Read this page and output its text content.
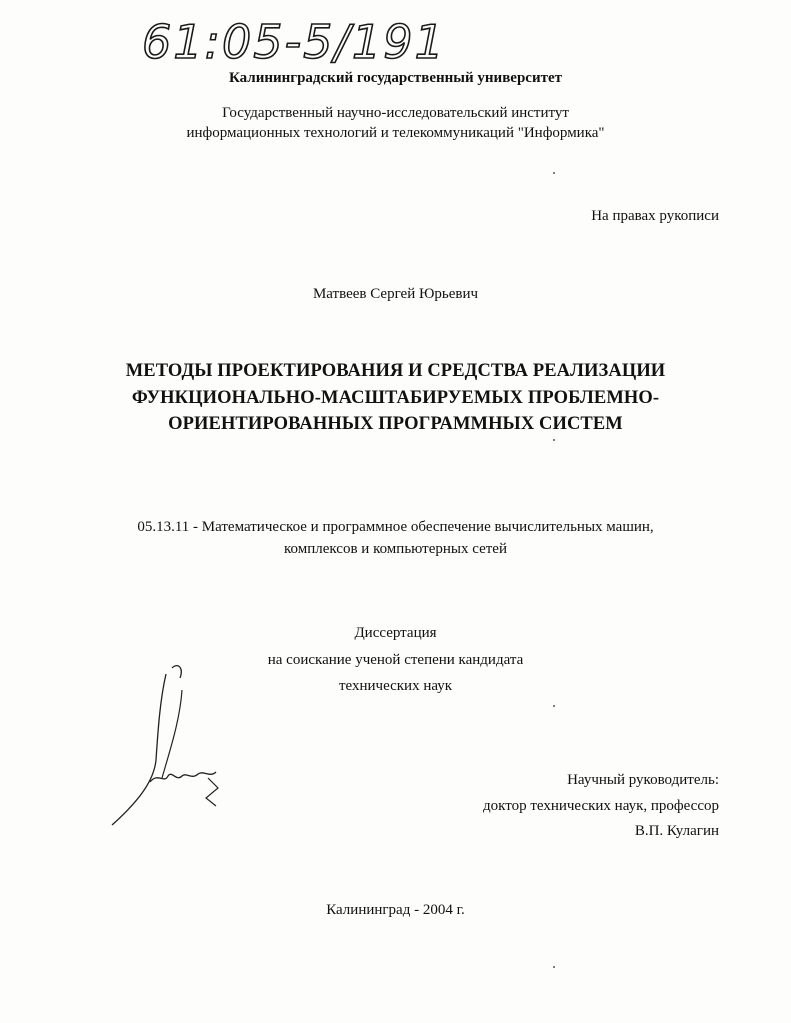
61:05-5/191
Калининградский государственный университет
Государственный научно-исследовательский институт
информационных технологий и телекоммуникаций "Информика"
На правах рукописи
Матвеев Сергей Юрьевич
МЕТОДЫ ПРОЕКТИРОВАНИЯ И СРЕДСТВА РЕАЛИЗАЦИИ
ФУНКЦИОНАЛЬНО-МАСШТАБИРУЕМЫХ ПРОБЛЕМНО-
ОРИЕНТИРОВАННЫХ ПРОГРАММНЫХ СИСТЕМ
05.13.11 - Математическое и программное обеспечение вычислительных машин,
комплексов и компьютерных сетей
Диссертация
на соискание ученой степени кандидата
технических наук
Научный руководитель:
доктор технических наук, профессор
В.П. Кулагин
Калининград - 2004 г.
